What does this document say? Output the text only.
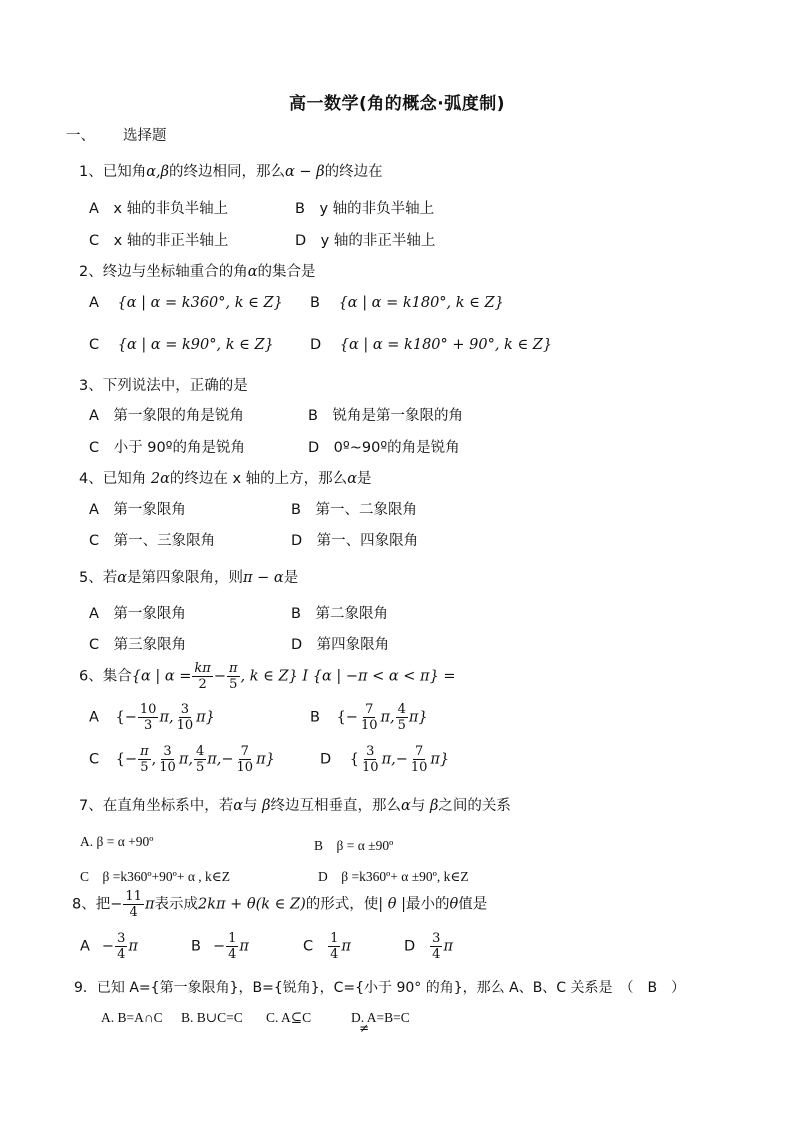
高一数学(角的概念·弧度制)
一、 选择题
1、已知角α,β的终边相同，那么α − β的终边在
A　x 轴的非负半轴上	B　y 轴的非负半轴上
C　x 轴的非正半轴上	D　y 轴的非正半轴上
2、终边与坐标轴重合的角α的集合是
A {α | α = k360°, k ∈ Z} B {α | α = k180°, k ∈ Z}
C {α | α = k90°, k ∈ Z} D {α | α = k180° + 90°, k ∈ Z}
3、下列说法中，正确的是
A　第一象限的角是锐角	B　锐角是第一象限的角
C　小于 90º的角是锐角	D　0º~90º的角是锐角
4、已知角 2α的终边在 x 轴的上方，那么α是
A　第一象限角	B　第一、二象限角
C　第一、三象限角	D　第一、四象限角
5、若α是第四象限角，则π − α是
A　第一象限角	B　第二象限角
C　第三象限角	D　第四象限角
6、集合{α | $\alpha = \frac{k\pi}{2} - \frac{\pi}{5}$ , k ∈ Z} I {α | −π < α < π} =
A {− $\frac{10}{3} \pi$, $\frac{3}{10} \pi$}	B {− $\frac{7}{10} \pi$, $\frac{4}{5} \pi$}
C {− $\frac{\pi}{5}$ , $\frac{3}{10} \pi$, $\frac{4}{5} \pi,- \frac{7}{10} \pi$}	D { $\frac{3}{10} \pi,- \frac{7}{10} \pi$}
7、在直角坐标系中，若α与 β终边互相垂直，那么α与 β之间的关系
A. β = α +90º	B　β = α ±90º
C　β =k360º+90º+ α , k∈Z	D　β =k360º+ α ±90º, k∈Z
8、把− $\frac{11}{4}$ π表示成2kπ + θ(k ∈ Z)的形式，使| θ |最小的θ值是
$A - \frac{3}{4}$ π	$B - \frac{1}{4}$ π	C $\frac{1}{4}$ π	D $\frac{3}{4}$ π
9．已知 A={第一象限角}，B={锐角}，C={小于 90° 的角}，那么 A、B、C 关系是　（　B　）
A. B=A∩C B. B∪C=C C. A⊆C	D. A=B=C
≠
